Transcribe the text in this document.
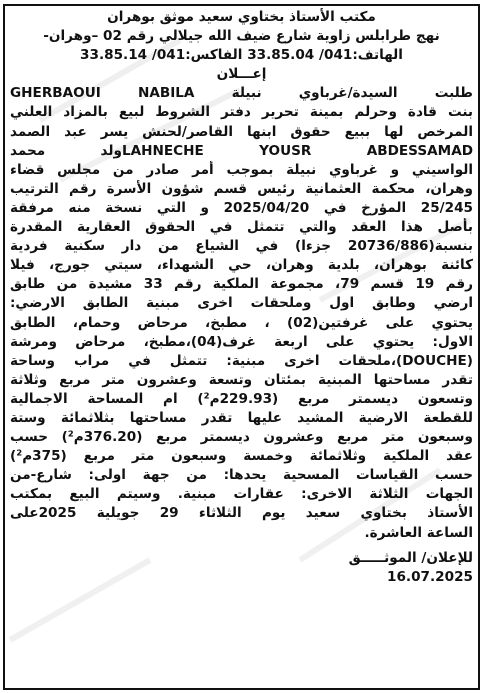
مكتب الأستاذ بختاوي سعيد موثق بوهران
نهج طرابلس زاوية شارع ضيف الله جيلالي رقم 02 –وهران-
الهاتف:041/ 33.85.04 الفاكس:041/ 33.85.14
إعـــلان
طلبت السيدة/غرباوي نبيلة GHERBAOUI NABILA
بنت قادة وحرلم بمينة تحرير دفتر الشروط لبيع بالمزاد العلني
المرخص لها ببيع حقوق ابنها القاصر/لحنش يسر عبد الصمد
LAHNECHE YOUSR ABDESSAMADولد محمد
الواسيني و غرباوي نبيلة بموجب أمر صادر من مجلس قضاء
وهران، محكمة العثمانية رئيس قسم شؤون الأسرة رقم الترتيب
25/245 المؤرخ في 2025/04/20 و التي نسخة منه مرفقة
بأصل هذا العقد والتي تتمثل في الحقوق العقارية المقدرة
بنسبة(20736/886 جزءا) في الشياع من دار سكنية فردية
كائنة بوهران، بلدية وهران، حي الشهداء، سيتي جورج، فيلا
رقم 19 قسم 79، مجموعة الملكية رقم 33 مشيدة من طابق
ارضي وطابق اول وملحقات اخرى مبنية الطابق الارضي:
يحتوي على غرفتين(02) ، مطبخ، مرحاض وحمام، الطابق
الاول: يحتوي على اربعة غرف(04)،مطبخ، مرحاض ومرشة
(DOUCHE)،ملحقات اخرى مبنية: تتمثل في مراب وساحة
تقدر مساحتها المبنية بمئتان وتسعة وعشرون متر مربع وثلاثة
وتسعون ديسمتر مربع (229.93م²) ام المساحة الاجمالية
للقطعة الارضية المشيد عليها تقدر مساحتها بثلاثمائة وستة
وسبعون متر مربع وعشرون ديسمتر مربع (376.20م²) حسب
عقد الملكية وثلاثمائة وخمسة وسبعون متر مربع (375م²)
حسب القياسات المسحية يحدها: من جهة اولى: شارع-من
الجهات الثلاثة الاخرى: عقارات مبنية. وسيتم البيع بمكتب
الأستاذ بختاوي سعيد يوم الثلاثاء 29 جويلية 2025على
الساعة العاشرة.
للإعلان/ الموثـــــق
16.07.2025
